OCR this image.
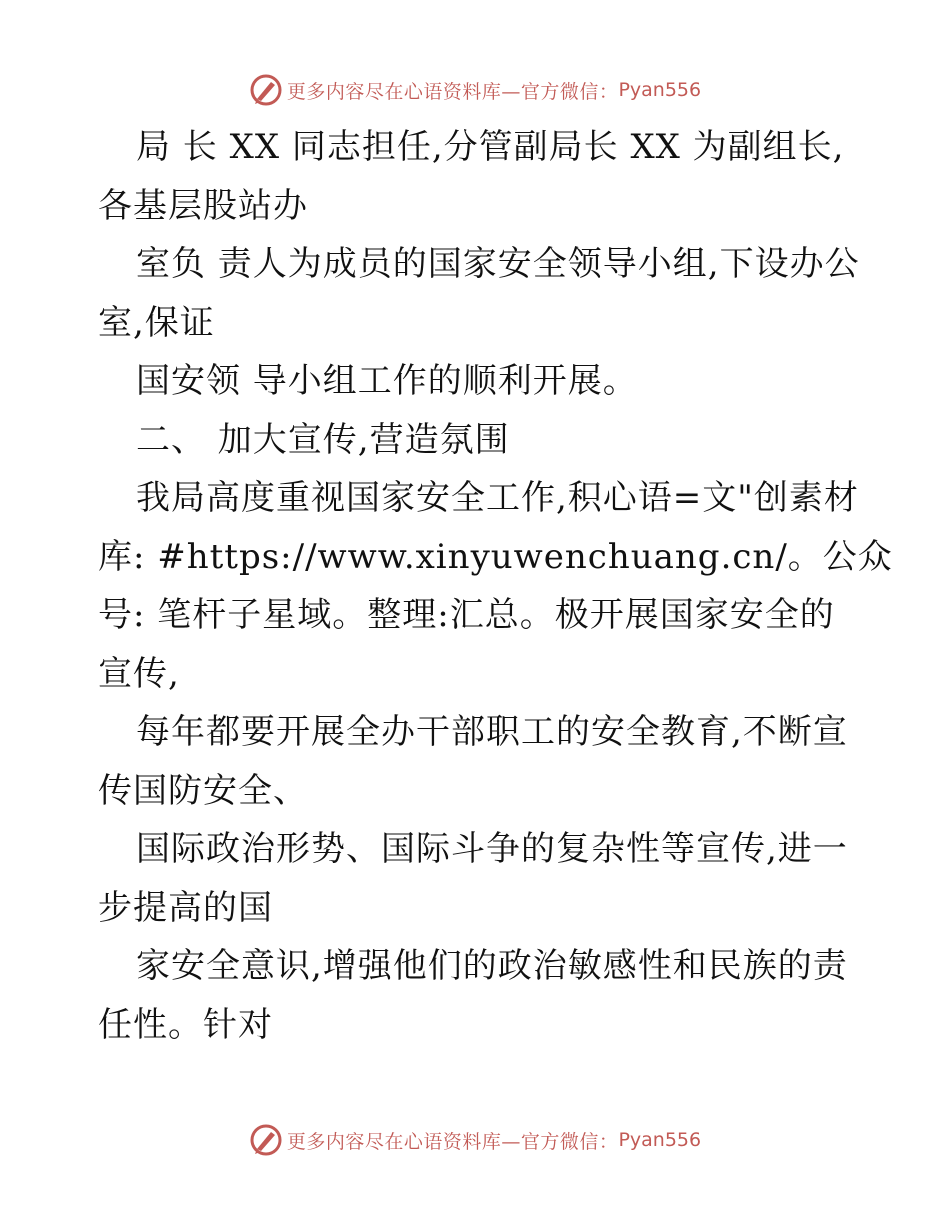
更多内容尽在心语资料库— 官方微信： Pyan556
局 长 XX 同志担任,分管副局长 XX 为副组长,
各基层股站办
室负 责人为成员的国家安全领导小组,下设办公
室,保证
国安领 导小组工作的顺利开展。
二、 加大宣传,营造氛围
我局高度重视国家安全工作,积心语=文"创素材
库: #https://www.xinyuwenchuang.cn/。公众
号: 笔杆子星域。整理:汇总。极开展国家安全的
宣传,
每年都要开展全办干部职工的安全教育,不断宣
传国防安全、
国际政治形势、国际斗争的复杂性等宣传,进一
步提高的国
家安全意识,增强他们的政治敏感性和民族的责
任性。针对
更多内容尽在心语资料库— 官方微信： Pyan556
